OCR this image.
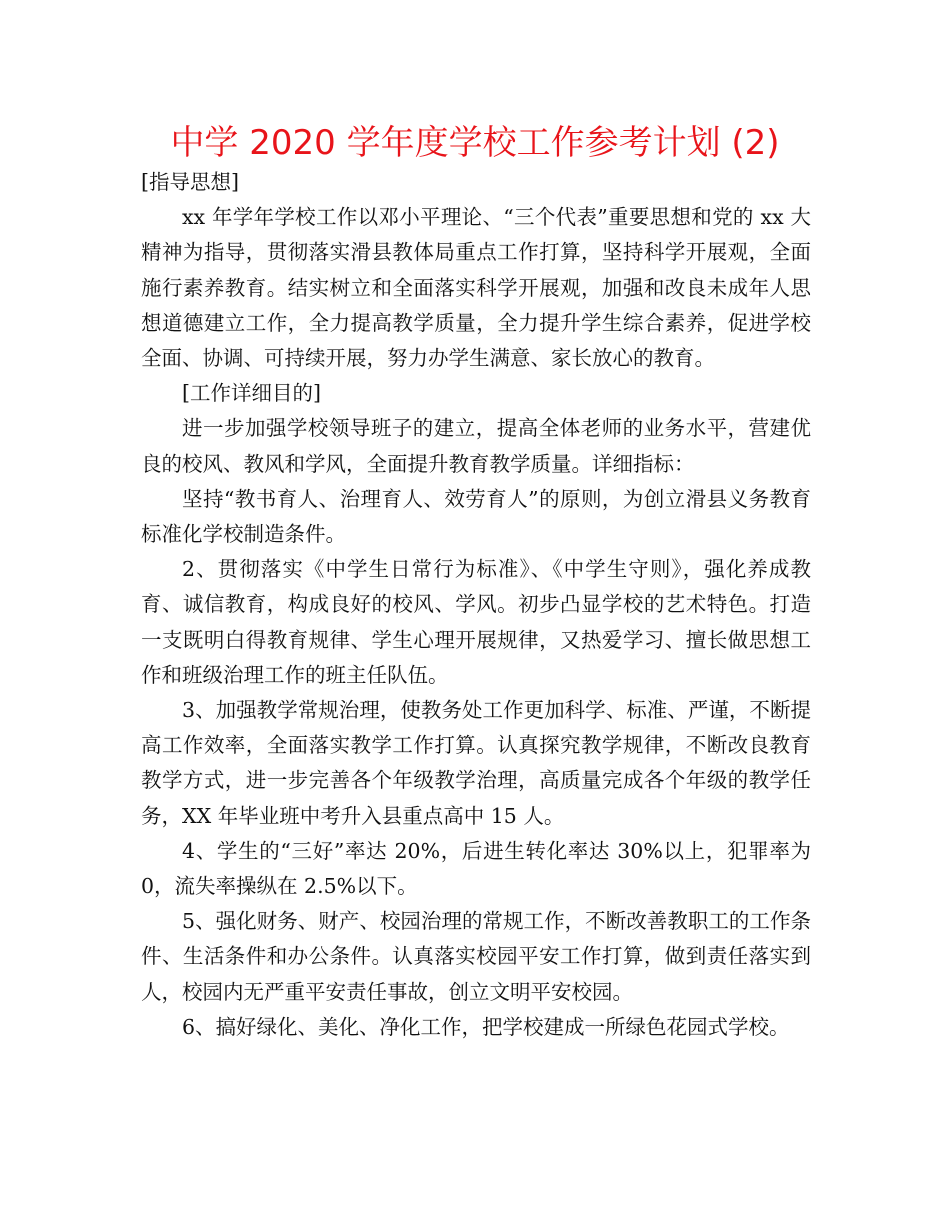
中学 2020 学年度学校工作参考计划 (2)

[指导思想]

xx 年学年学校工作以邓小平理论、“三个代表”重要思想和党的 xx 大精神为指导，贯彻落实滑县教体局重点工作打算，坚持科学开展观，全面施行素养教育。结实树立和全面落实科学开展观，加强和改良未成年人思想道德建立工作，全力提高教学质量，全力提升学生综合素养，促进学校全面、协调、可持续开展，努力办学生满意、家长放心的教育。

[工作详细目的]

进一步加强学校领导班子的建立，提高全体老师的业务水平，营建优良的校风、教风和学风，全面提升教育教学质量。详细指标：

坚持“教书育人、治理育人、效劳育人”的原则，为创立滑县义务教育标准化学校制造条件。

2、贯彻落实《中学生日常行为标准》、《中学生守则》，强化养成教育、诚信教育，构成良好的校风、学风。初步凸显学校的艺术特色。打造一支既明白得教育规律、学生心理开展规律，又热爱学习、擅长做思想工作和班级治理工作的班主任队伍。

3、加强教学常规治理，使教务处工作更加科学、标准、严谨，不断提高工作效率，全面落实教学工作打算。认真探究教学规律，不断改良教育教学方式，进一步完善各个年级教学治理，高质量完成各个年级的教学任务，XX 年毕业班中考升入县重点高中 15 人。

4、学生的“三好”率达 20%，后进生转化率达 30%以上，犯罪率为 0，流失率操纵在 2.5%以下。

5、强化财务、财产、校园治理的常规工作，不断改善教职工的工作条件、生活条件和办公条件。认真落实校园平安工作打算，做到责任落实到人，校园内无严重平安责任事故，创立文明平安校园。

6、搞好绿化、美化、净化工作，把学校建成一所绿色花园式学校。
